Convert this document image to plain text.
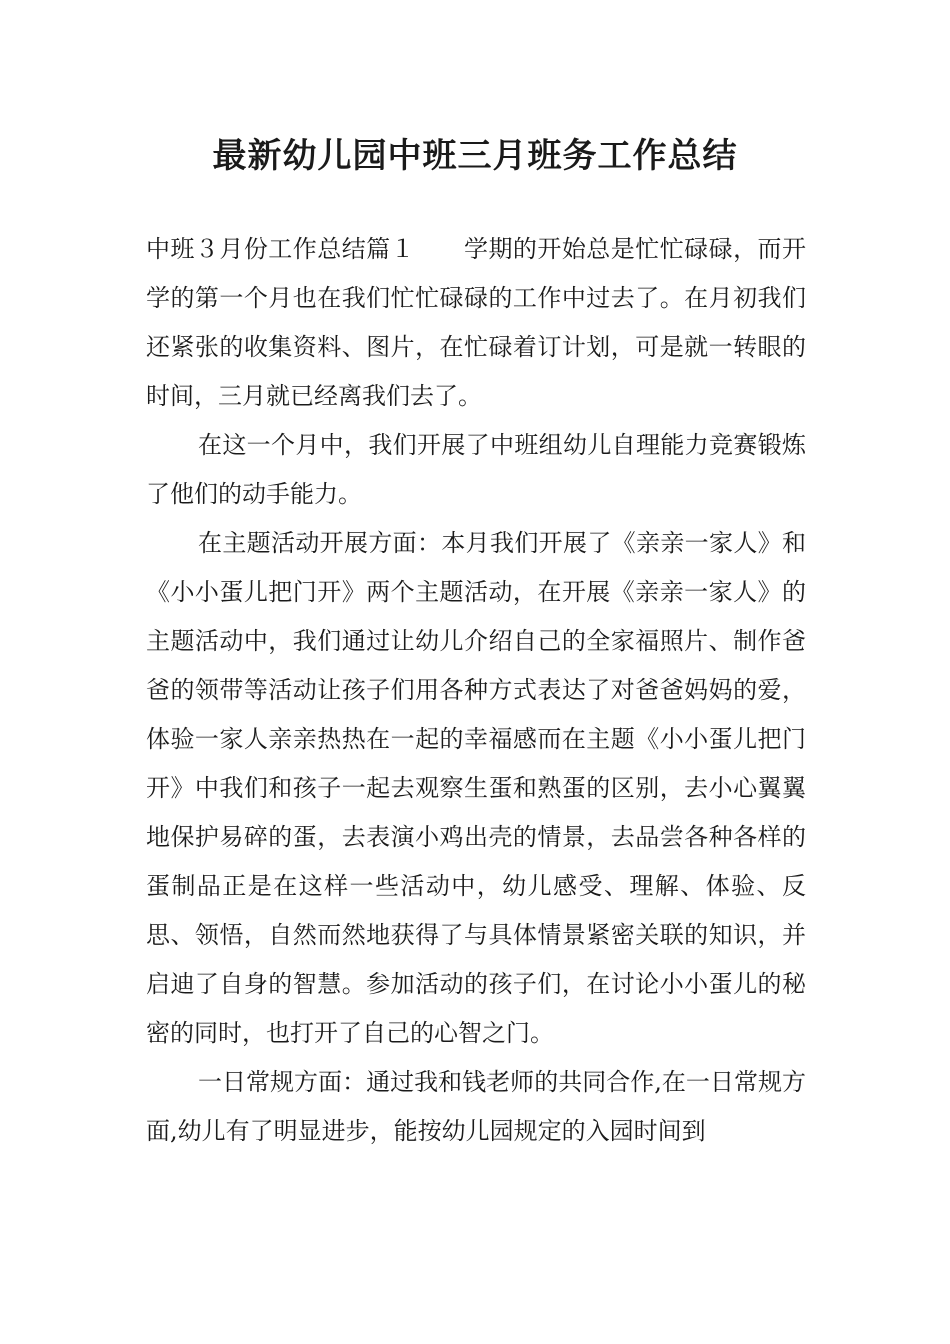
最新幼儿园中班三月班务工作总结

中班３月份工作总结篇１　　学期的开始总是忙忙碌碌，而开学的第一个月也在我们忙忙碌碌的工作中过去了。在月初我们还紧张的收集资料、图片，在忙碌着订计划，可是就一转眼的时间，三月就已经离我们去了。

在这一个月中，我们开展了中班组幼儿自理能力竞赛锻炼了他们的动手能力。

在主题活动开展方面：本月我们开展了《亲亲一家人》和《小小蛋儿把门开》两个主题活动，在开展《亲亲一家人》的主题活动中，我们通过让幼儿介绍自己的全家福照片、制作爸爸的领带等活动让孩子们用各种方式表达了对爸爸妈妈的爱，体验一家人亲亲热热在一起的幸福感而在主题《小小蛋儿把门开》中我们和孩子一起去观察生蛋和熟蛋的区别，去小心翼翼地保护易碎的蛋，去表演小鸡出壳的情景，去品尝各种各样的蛋制品正是在这样一些活动中，幼儿感受、理解、体验、反思、领悟，自然而然地获得了与具体情景紧密关联的知识，并启迪了自身的智慧。参加活动的孩子们，在讨论小小蛋儿的秘密的同时，也打开了自己的心智之门。

一日常规方面：通过我和钱老师的共同合作,在一日常规方面,幼儿有了明显进步，能按幼儿园规定的入园时间到
